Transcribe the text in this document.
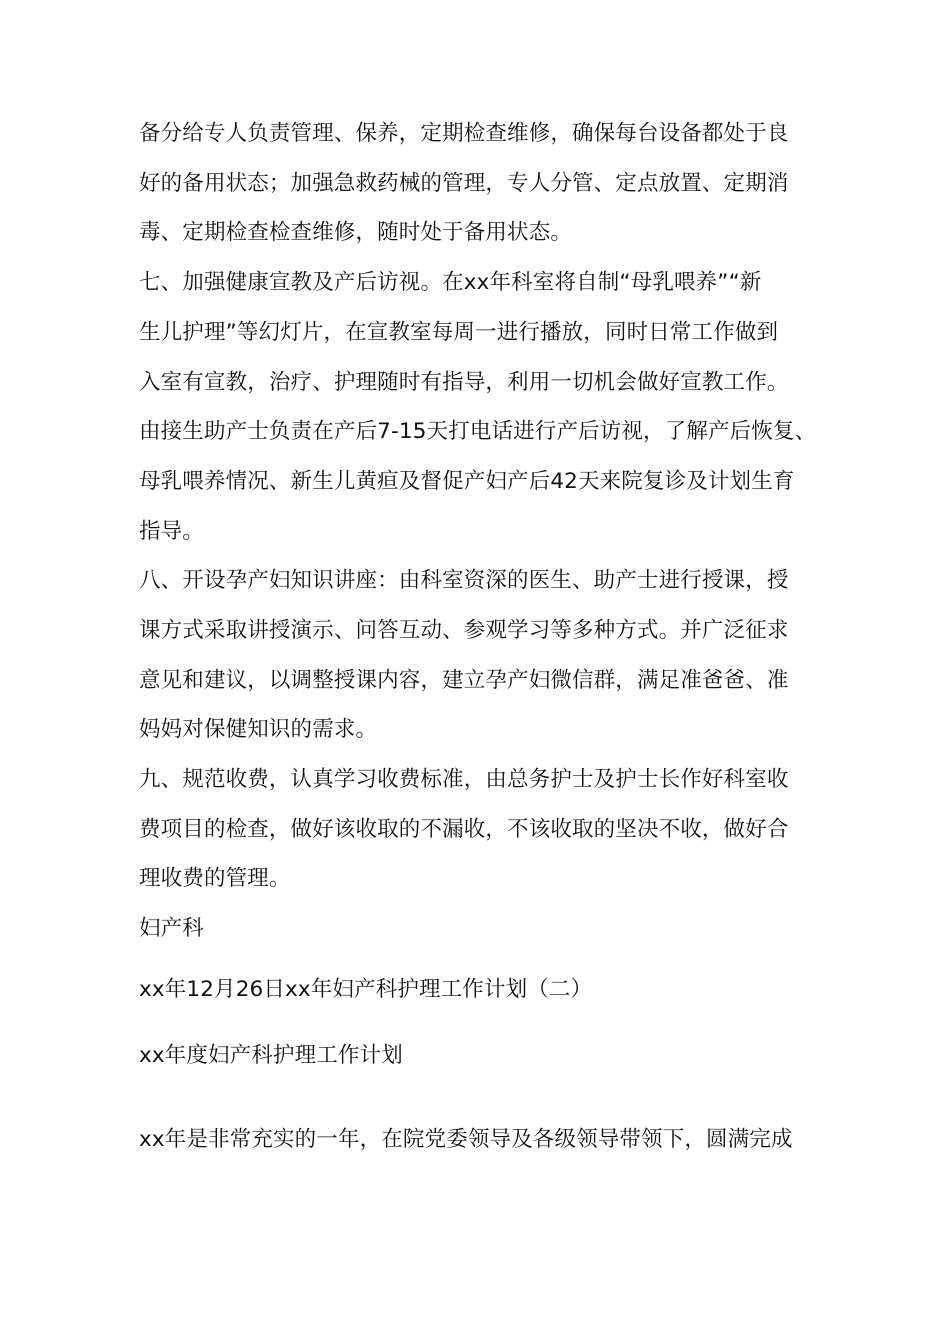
备分给专人负责管理、保养，定期检查维修，确保每台设备都处于良
好的备用状态；加强急救药械的管理，专人分管、定点放置、定期消
毒、定期检查检查维修，随时处于备用状态。
七、加强健康宣教及产后访视。在xx年科室将自制“母乳喂养”“新
生儿护理”等幻灯片，在宣教室每周一进行播放，同时日常工作做到
入室有宣教，治疗、护理随时有指导，利用一切机会做好宣教工作。
由接生助产士负责在产后7-15天打电话进行产后访视，了解产后恢复、
母乳喂养情况、新生儿黄疸及督促产妇产后42天来院复诊及计划生育
指导。
八、开设孕产妇知识讲座：由科室资深的医生、助产士进行授课，授
课方式采取讲授演示、问答互动、参观学习等多种方式。并广泛征求
意见和建议，以调整授课内容，建立孕产妇微信群，满足准爸爸、准
妈妈对保健知识的需求。
九、规范收费，认真学习收费标准，由总务护士及护士长作好科室收
费项目的检查，做好该收取的不漏收，不该收取的坚决不收，做好合
理收费的管理。
妇产科
xx年12月26日xx年妇产科护理工作计划（二）
xx年度妇产科护理工作计划
xx年是非常充实的一年，在院党委领导及各级领导带领下，圆满完成
